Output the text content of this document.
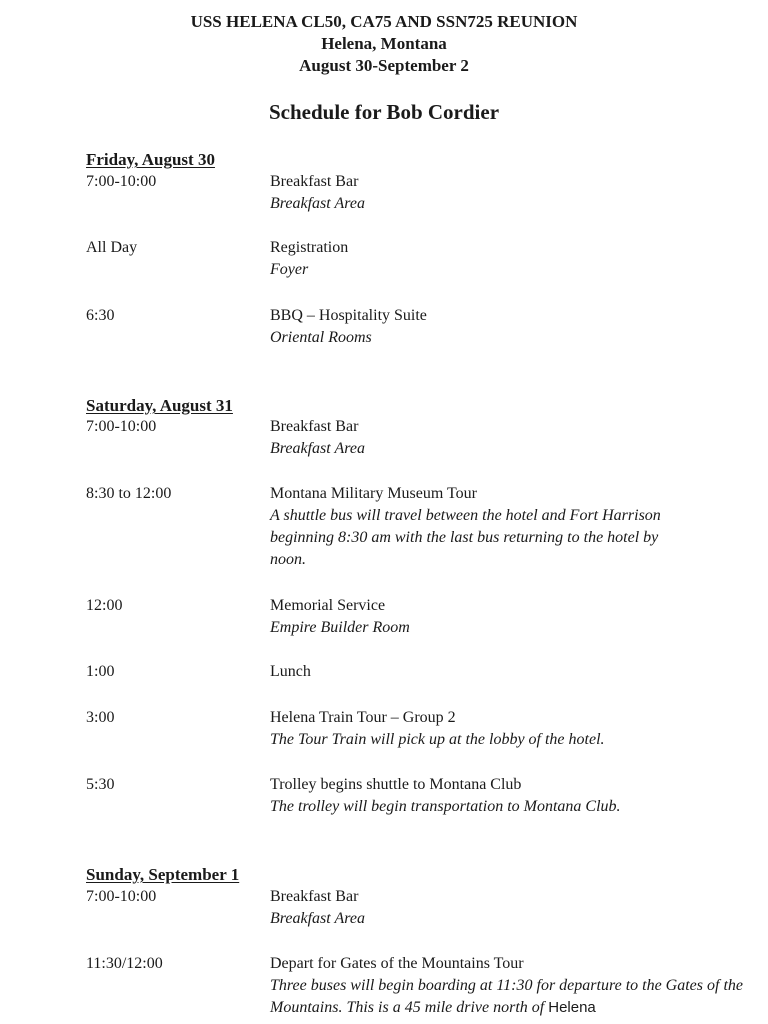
USS HELENA CL50, CA75 AND SSN725 REUNION
Helena, Montana
August 30-September 2
Schedule for Bob Cordier
Friday, August 30
7:00-10:00	Breakfast Bar
Breakfast Area
All Day	Registration
Foyer
6:30	BBQ – Hospitality Suite
Oriental Rooms
Saturday, August 31
7:00-10:00	Breakfast Bar
Breakfast Area
8:30 to 12:00	Montana Military Museum Tour
A shuttle bus will travel between the hotel and Fort Harrison beginning 8:30 am with the last bus returning to the hotel by noon.
12:00	Memorial Service
Empire Builder Room
1:00	Lunch
3:00	Helena Train Tour – Group 2
The Tour Train will pick up at the lobby of the hotel.
5:30	Trolley begins shuttle to Montana Club
The trolley will begin transportation to Montana Club.
Sunday, September 1
7:00-10:00	Breakfast Bar
Breakfast Area
11:30/12:00	Depart for Gates of the Mountains Tour
Three buses will begin boarding at 11:30 for departure to the Gates of the Mountains. This is a 45 mile drive north of Helena
